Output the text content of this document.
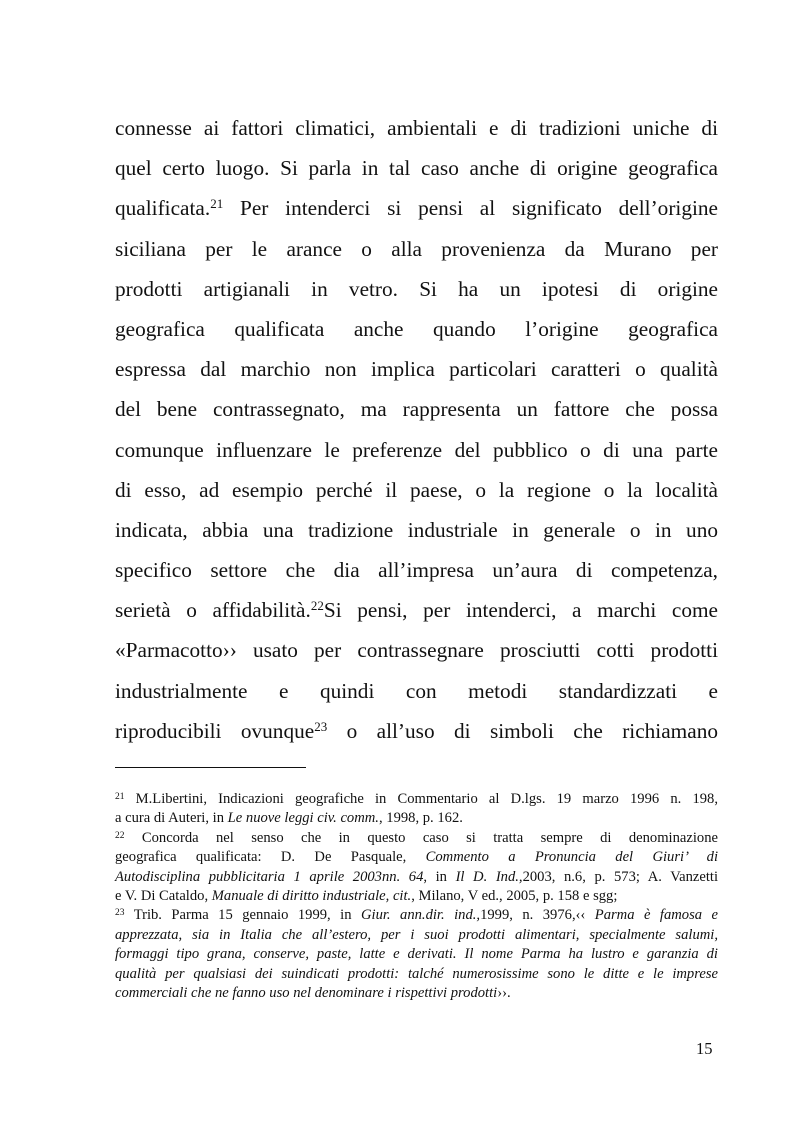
connesse ai fattori climatici, ambientali e di tradizioni uniche di
quel certo luogo. Si parla in tal caso anche di origine geografica
qualificata.$^{21}$ Per intenderci si pensi al significato dell’origine
siciliana per le arance o alla provenienza da Murano per
prodotti artigianali in vetro. Si ha un ipotesi di origine
geografica qualificata anche quando l’origine geografica
espressa dal marchio non implica particolari caratteri o qualità
del bene contrassegnato, ma rappresenta un fattore che possa
comunque influenzare le preferenze del pubblico o di una parte
di esso, ad esempio perché il paese, o la regione o la località
indicata, abbia una tradizione industriale in generale o in uno
specifico settore che dia all’impresa un’aura di competenza,
serietà o affidabilità.$^{22}$Si pensi, per intenderci, a marchi come
«Parmacotto›› usato per contrassegnare prosciutti cotti prodotti
industrialmente e quindi con metodi standardizzati e
riproducibili ovunque$^{23}$ o all’uso di simboli che richiamano
$^{21}$ M.Libertini, Indicazioni geografiche in Commentario al D.lgs. 19 marzo 1996 n. 198,
a cura di Auteri, in Le nuove leggi civ. comm., 1998, p. 162.
$^{22}$ Concorda nel senso che in questo caso si tratta sempre di denominazione
geografica qualificata: D. De Pasquale, Commento a Pronuncia del Giuri’ di
Autodisciplina pubblicitaria 1 aprile 2003nn. 64, in Il D. Ind.,2003, n.6, p. 573; A. Vanzetti
e V. Di Cataldo, Manuale di diritto industriale, cit., Milano, V ed., 2005, p. 158 e sgg;
$^{23}$ Trib. Parma 15 gennaio 1999, in Giur. ann.dir. ind.,1999, n. 3976,‹‹ Parma è famosa e
apprezzata, sia in Italia che all’estero, per i suoi prodotti alimentari, specialmente salumi,
formaggi tipo grana, conserve, paste, latte e derivati. Il nome Parma ha lustro e garanzia di
qualità per qualsiasi dei suindicati prodotti: talché numerosissime sono le ditte e le imprese
commerciali che ne fanno uso nel denominare i rispettivi prodotti››.
15
